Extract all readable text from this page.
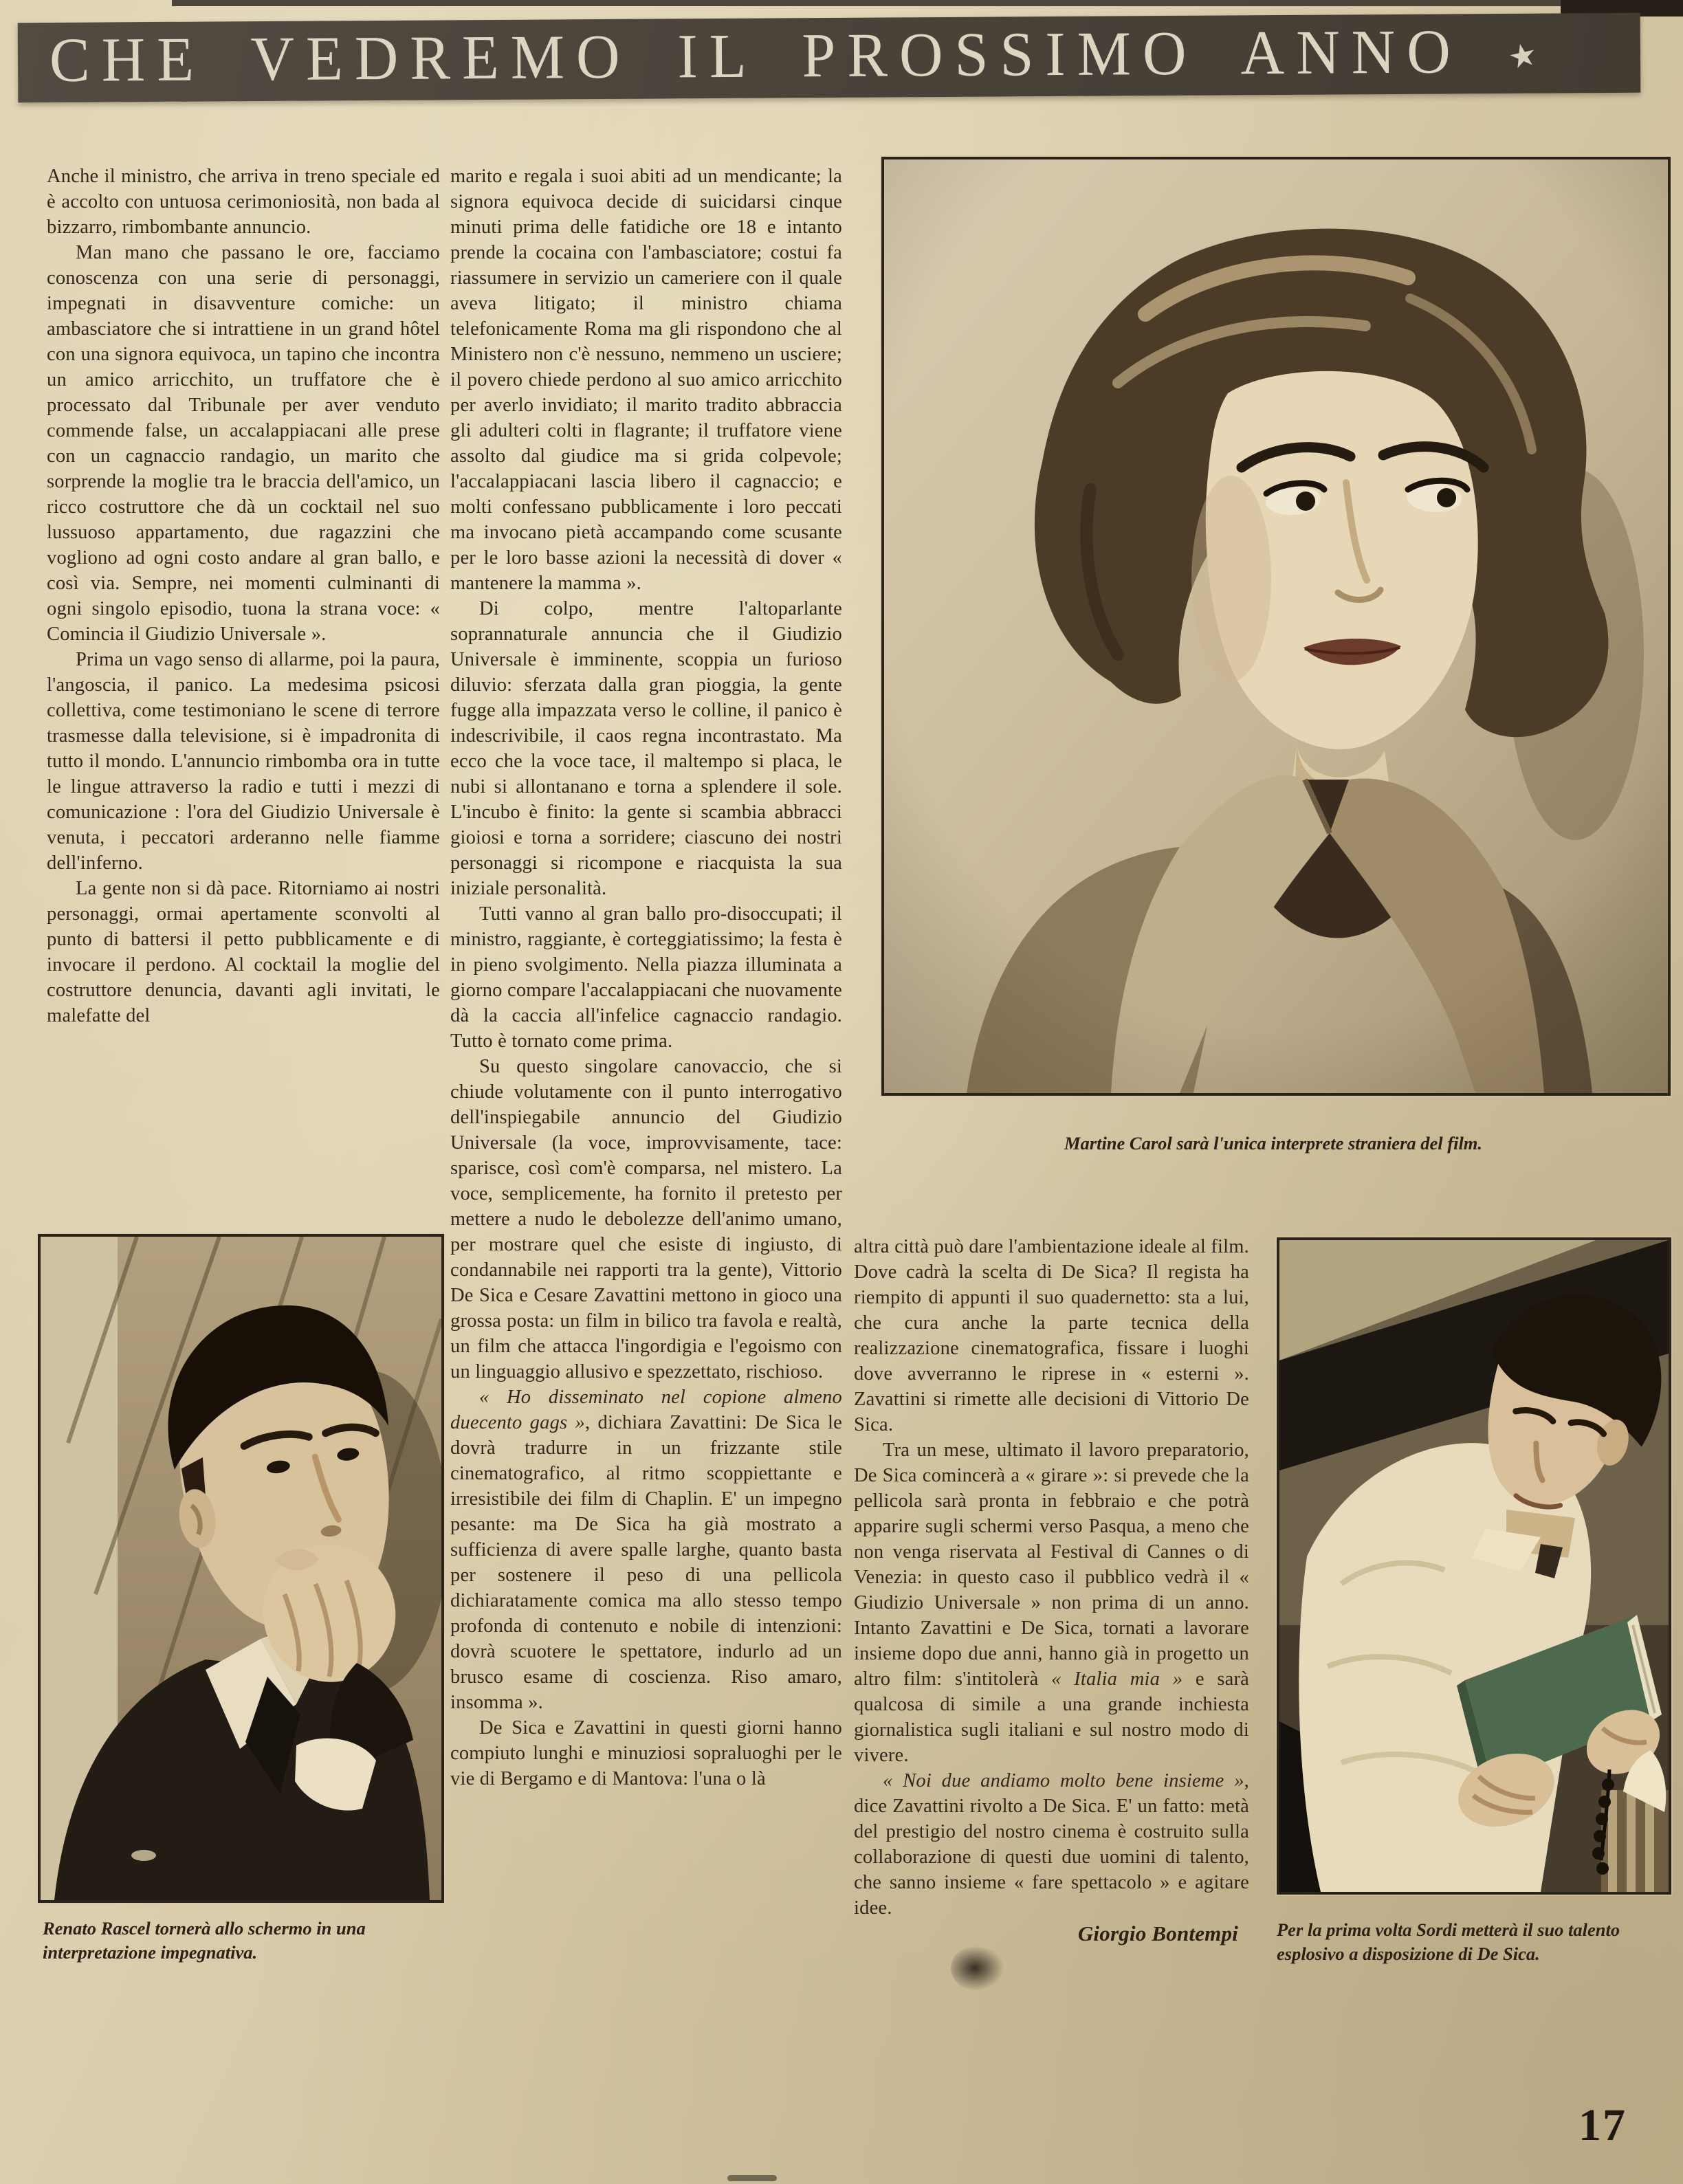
CHE VEDREMO IL PROSSIMO ANNO ★

Anche il ministro, che arriva in treno speciale ed è accolto con untuosa cerimoniosità, non bada al bizzarro, rimbombante annuncio.

Man mano che passano le ore, facciamo conoscenza con una serie di personaggi, impegnati in disavventure comiche: un ambasciatore che si intrattiene in un grand hôtel con una signora equivoca, un tapino che incontra un amico arricchito, un truffatore che è processato dal Tribunale per aver venduto commende false, un accalappiacani alle prese con un cagnaccio randagio, un marito che sorprende la moglie tra le braccia dell'amico, un ricco costruttore che dà un cocktail nel suo lussuoso appartamento, due ragazzini che vogliono ad ogni costo andare al gran ballo, e così via. Sempre, nei momenti culminanti di ogni singolo episodio, tuona la strana voce: « Comincia il Giudizio Universale ».

Prima un vago senso di allarme, poi la paura, l'angoscia, il panico. La medesima psicosi collettiva, come testimoniano le scene di terrore trasmesse dalla televisione, si è impadronita di tutto il mondo. L'annuncio rimbomba ora in tutte le lingue attraverso la radio e tutti i mezzi di comunicazione : l'ora del Giudizio Universale è venuta, i peccatori arderanno nelle fiamme dell'inferno.

La gente non si dà pace. Ritorniamo ai nostri personaggi, ormai apertamente sconvolti al punto di battersi il petto pubblicamente e di invocare il perdono. Al cocktail la moglie del costruttore denuncia, davanti agli invitati, le malefatte del

marito e regala i suoi abiti ad un mendicante; la signora equivoca decide di suicidarsi cinque minuti prima delle fatidiche ore 18 e intanto prende la cocaina con l'ambasciatore; costui fa riassumere in servizio un cameriere con il quale aveva litigato; il ministro chiama telefonicamente Roma ma gli rispondono che al Ministero non c'è nessuno, nemmeno un usciere; il povero chiede perdono al suo amico arricchito per averlo invidiato; il marito tradito abbraccia gli adulteri colti in flagrante; il truffatore viene assolto dal giudice ma si grida colpevole; l'accalappiacani lascia libero il cagnaccio; e molti confessano pubblicamente i loro peccati ma invocano pietà accampando come scusante per le loro basse azioni la necessità di dover « mantenere la mamma ».

Di colpo, mentre l'altoparlante soprannaturale annuncia che il Giudizio Universale è imminente, scoppia un furioso diluvio: sferzata dalla gran pioggia, la gente fugge alla impazzata verso le colline, il panico è indescrivibile, il caos regna incontrastato. Ma ecco che la voce tace, il maltempo si placa, le nubi si allontanano e torna a splendere il sole. L'incubo è finito: la gente si scambia abbracci gioiosi e torna a sorridere; ciascuno dei nostri personaggi si ricompone e riacquista la sua iniziale personalità.

Tutti vanno al gran ballo pro-disoccupati; il ministro, raggiante, è corteggiatissimo; la festa è in pieno svolgimento. Nella piazza illuminata a giorno compare l'accalappiacani che nuovamente dà la caccia all'infelice cagnaccio randagio. Tutto è tornato come prima.

Su questo singolare canovaccio, che si chiude volutamente con il punto interrogativo dell'inspiegabile annuncio del Giudizio Universale (la voce, improvvisamente, tace: sparisce, così com'è comparsa, nel mistero. La voce, semplicemente, ha fornito il pretesto per mettere a nudo le debolezze dell'animo umano, per mostrare quel che esiste di ingiusto, di condannabile nei rapporti tra la gente), Vittorio De Sica e Cesare Zavattini mettono in gioco una grossa posta: un film in bilico tra favola e realtà, un film che attacca l'ingordigia e l'egoismo con un linguaggio allusivo e spezzettato, rischioso.

« Ho disseminato nel copione almeno duecento gags », dichiara Zavattini: De Sica le dovrà tradurre in un frizzante stile cinematografico, al ritmo scoppiettante e irresistibile dei film di Chaplin. E' un impegno pesante: ma De Sica ha già mostrato a sufficienza di avere spalle larghe, quanto basta per sostenere il peso di una pellicola dichiaratamente comica ma allo stesso tempo profonda di contenuto e nobile di intenzioni: dovrà scuotere le spettatore, indurlo ad un brusco esame di coscienza. Riso amaro, insomma ».

De Sica e Zavattini in questi giorni hanno compiuto lunghi e minuziosi sopraluoghi per le vie di Bergamo e di Mantova: l'una o là

Martine Carol sarà l'unica interprete straniera del film.
Renato Rascel tornerà allo schermo in una interpretazione impegnativa.

altra città può dare l'ambientazione ideale al film. Dove cadrà la scelta di De Sica? Il regista ha riempito di appunti il suo quadernetto: sta a lui, che cura anche la parte tecnica della realizzazione cinematografica, fissare i luoghi dove avverranno le riprese in « esterni ». Zavattini si rimette alle decisioni di Vittorio De Sica.

Tra un mese, ultimato il lavoro preparatorio, De Sica comincerà a « girare »: si prevede che la pellicola sarà pronta in febbraio e che potrà apparire sugli schermi verso Pasqua, a meno che non venga riservata al Festival di Cannes o di Venezia: in questo caso il pubblico vedrà il « Giudizio Universale » non prima di un anno. Intanto Zavattini e De Sica, tornati a lavorare insieme dopo due anni, hanno già in progetto un altro film: s'intitolerà « Italia mia » e sarà qualcosa di simile a una grande inchiesta giornalistica sugli italiani e sul nostro modo di vivere.

« Noi due andiamo molto bene insieme », dice Zavattini rivolto a De Sica. E' un fatto: metà del prestigio del nostro cinema è costruito sulla collaborazione di questi due uomini di talento, che sanno insieme « fare spettacolo » e agitare idee.

Giorgio Bontempi	Per la prima volta Sordi metterà il suo talento esplosivo a disposizione di De Sica.
17
